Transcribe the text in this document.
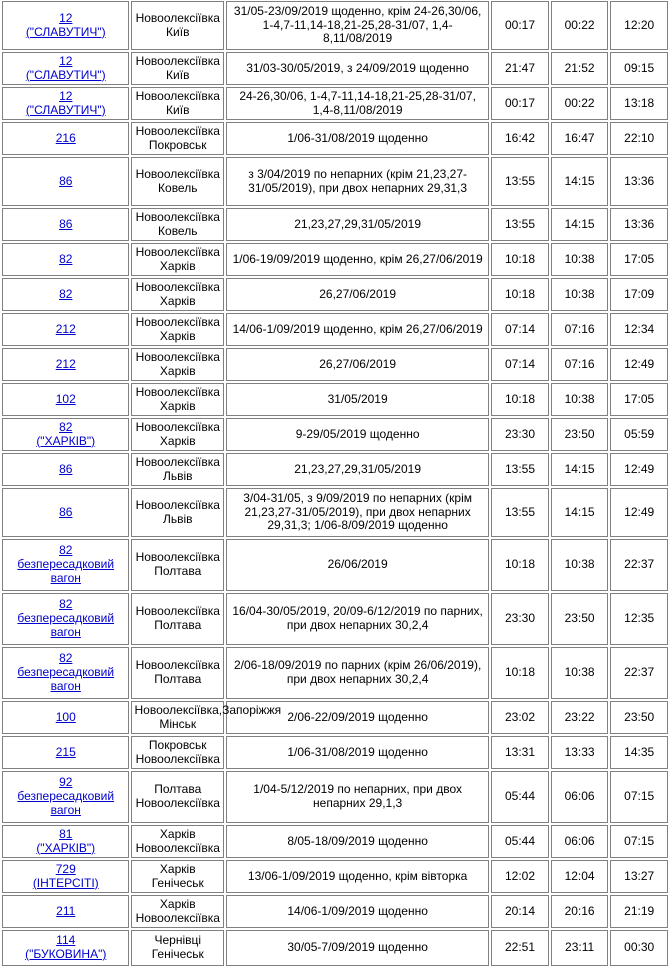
12
("СЛАВУТИЧ")	Новоолексіївка
Київ	31/05-23/09/2019 щоденно, крім 24-26,30/06, 1-4,7-11,14-18,21-25,28-31/07, 1,4-8,11/08/2019	00:17	00:22	12:20

12
("СЛАВУТИЧ")	Новоолексіївка
Київ	31/03-30/05/2019, з 24/09/2019 щоденно	21:47	21:52	09:15

12
("СЛАВУТИЧ")	Новоолексіївка
Київ	24-26,30/06, 1-4,7-11,14-18,21-25,28-31/07, 1,4-8,11/08/2019	00:17	00:22	13:18

216	Новоолексіївка
Покровськ	1/06-31/08/2019 щоденно	16:42	16:47	22:10

86	Новоолексіївка
Ковель	з 3/04/2019 по непарних (крім 21,23,27-31/05/2019), при двох непарних 29,31,3	13:55	14:15	13:36

86	Новоолексіївка
Ковель	21,23,27,29,31/05/2019	13:55	14:15	13:36

82	Новоолексіївка
Харків	1/06-19/09/2019 щоденно, крім 26,27/06/2019	10:18	10:38	17:05

82	Новоолексіївка
Харків	26,27/06/2019	10:18	10:38	17:09

212	Новоолексіївка
Харків	14/06-1/09/2019 щоденно, крім 26,27/06/2019	07:14	07:16	12:34

212	Новоолексіївка
Харків	26,27/06/2019	07:14	07:16	12:49

102	Новоолексіївка
Харків	31/05/2019	10:18	10:38	17:05

82
("ХАРКІВ")	Новоолексіївка
Харків	9-29/05/2019 щоденно	23:30	23:50	05:59

86	Новоолексіївка
Львів	21,23,27,29,31/05/2019	13:55	14:15	12:49

86	Новоолексіївка
Львів	3/04-31/05, з 9/09/2019 по непарних (крім 21,23,27-31/05/2019), при двох непарних 29,31,3; 1/06-8/09/2019 щоденно	13:55	14:15	12:49

82
безпересадковий
вагон	Новоолексіївка
Полтава	26/06/2019	10:18	10:38	22:37

82
безпересадковий
вагон	Новоолексіївка
Полтава	16/04-30/05/2019, 20/09-6/12/2019 по парних, при двох непарних 30,2,4	23:30	23:50	12:35

82
безпересадковий
вагон	Новоолексіївка
Полтава	2/06-18/09/2019 по парних (крім 26/06/2019), при двох непарних 30,2,4	10:18	10:38	22:37

100	Новоолексіївка,Запоріжжя
Мінськ	2/06-22/09/2019 щоденно	23:02	23:22	23:50

215	Покровськ
Новоолексіївка	1/06-31/08/2019 щоденно	13:31	13:33	14:35

92
безпересадковий
вагон	Полтава
Новоолексіївка	1/04-5/12/2019 по непарних, при двох непарних 29,1,3	05:44	06:06	07:15

81
("ХАРКІВ")	Харків
Новоолексіївка	8/05-18/09/2019 щоденно	05:44	06:06	07:15

729
(ІНТЕРСІТІ)	Харків Генічеськ	13/06-1/09/2019 щоденно, крім вівторка	12:02	12:04	13:27

211	Харків
Новоолексіївка	14/06-1/09/2019 щоденно	20:14	20:16	21:19

114
("БУКОВИНА")	Чернівці
Генічеськ	30/05-7/09/2019 щоденно	22:51	23:11	00:30
